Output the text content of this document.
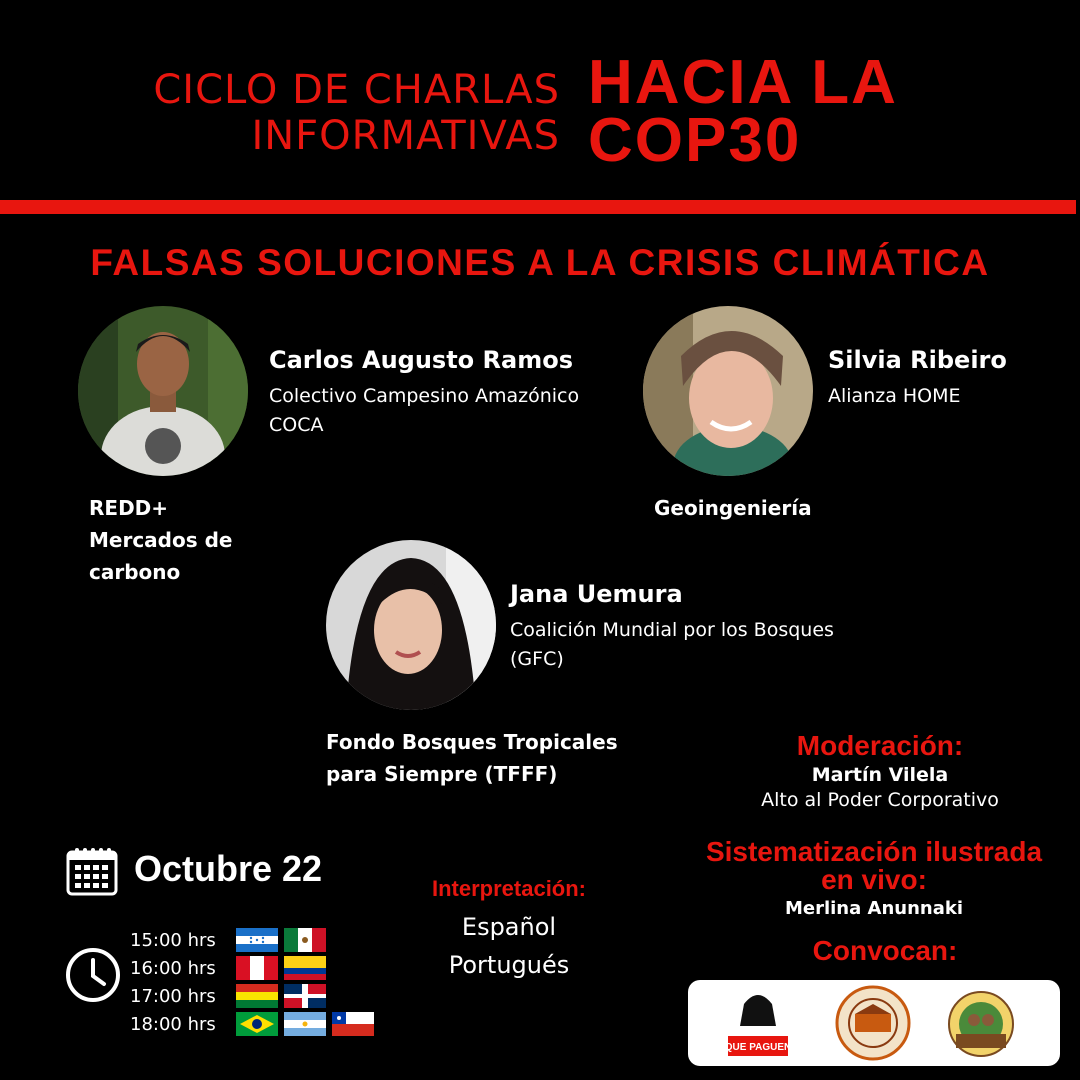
CICLO DE CHARLAS
INFORMATIVAS
HACIA LA
COP30
FALSAS SOLUCIONES A LA CRISIS CLIMÁTICA
Carlos Augusto Ramos
Colectivo Campesino Amazónico
COCA
REDD+
Mercados de
carbono
Silvia Ribeiro
Alianza HOME
Geoingeniería
Jana Uemura
Coalición Mundial por los Bosques
(GFC)
Fondo Bosques Tropicales
para Siempre (TFFF)
Moderación:
Martín Vilela
Alto al Poder Corporativo
Sistematización ilustrada
en vivo:
Merlina Anunnaki
Convocan:
¡QUE PAGUEN!
Octubre 22
15:00 hrs
16:00 hrs
17:00 hrs
18:00 hrs
Interpretación:
Español
Portugués
